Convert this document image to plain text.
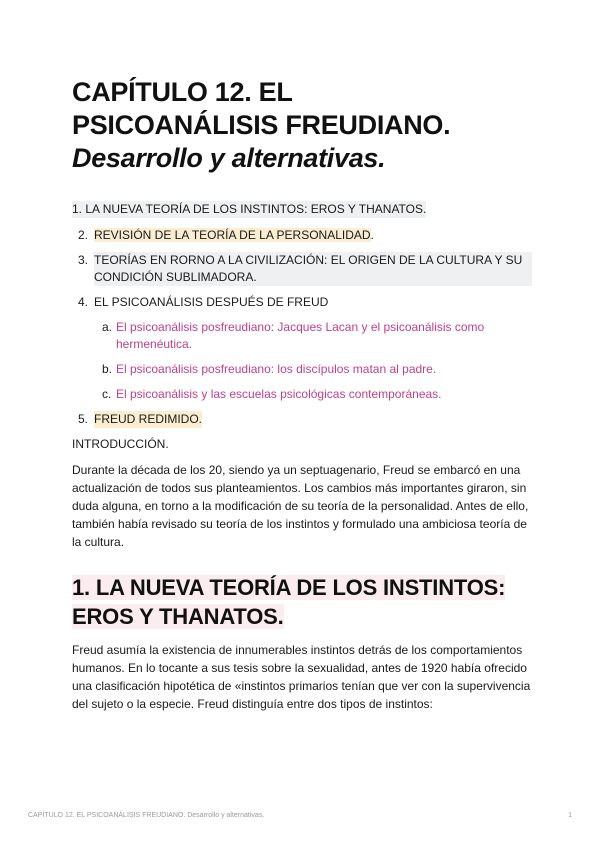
CAPÍTULO 12. EL
PSICOANÁLISIS FREUDIANO.
Desarrollo y alternativas.
1. LA NUEVA TEORÍA DE LOS INSTINTOS: EROS Y THANATOS.
2. REVISIÓN DE LA TEORÍA DE LA PERSONALIDAD.
3. TEORÍAS EN RORNO A LA CIVILIZACIÓN: EL ORIGEN DE LA CULTURA Y SU CONDICIÓN SUBLIMADORA.
4. EL PSICOANÁLISIS DESPUÉS DE FREUD
a. El psicoanálisis posfreudiano: Jacques Lacan y el psicoanálisis como hermenéutica.
b. El psicoanálisis posfreudiano: los discípulos matan al padre.
c. El psicoanálisis y las escuelas psicológicas contemporáneas.
5. FREUD REDIMIDO.

INTRODUCCIÓN.

Durante la década de los 20, siendo ya un septuagenario, Freud se embarcó en una actualización de todos sus planteamientos. Los cambios más importantes giraron, sin duda alguna, en torno a la modificación de su teoría de la personalidad. Antes de ello, también había revisado su teoría de los instintos y formulado una ambiciosa teoría de la cultura.

1. LA NUEVA TEORÍA DE LOS INSTINTOS: EROS Y THANATOS.

Freud asumía la existencia de innumerables instintos detrás de los comportamientos humanos. En lo tocante a sus tesis sobre la sexualidad, antes de 1920 había ofrecido una clasificación hipotética de «instintos primarios tenían que ver con la supervivencia del sujeto o la especie. Freud distinguía entre dos tipos de instintos:

CAPÍTULO 12. EL PSICOANÁLISIS FREUDIANO. Desarrollo y alternativas.	1
